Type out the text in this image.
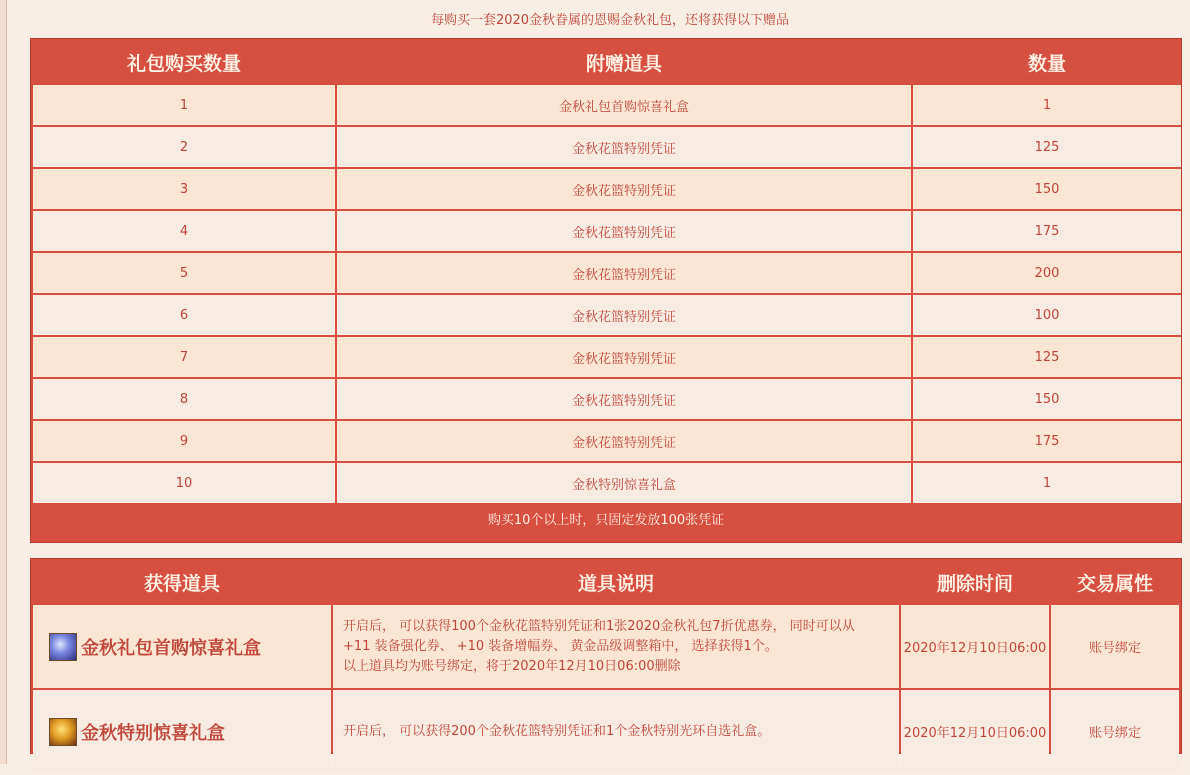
每购买一套2020金秋眷属的恩赐金秋礼包，还将获得以下赠品
礼包购买数量	附赠道具	数量
1	金秋礼包首购惊喜礼盒	1
2	金秋花篮特别凭证	125
3	金秋花篮特别凭证	150
4	金秋花篮特别凭证	175
5	金秋花篮特别凭证	200
6	金秋花篮特别凭证	100
7	金秋花篮特别凭证	125
8	金秋花篮特别凭证	150
9	金秋花篮特别凭证	175
10	金秋特别惊喜礼盒	1
购买10个以上时，只固定发放100张凭证
获得道具	道具说明	删除时间	交易属性

金秋礼包首购惊喜礼盒	开启后， 可以获得100个金秋花篮特别凭证和1张2020金秋礼包7折优惠券， 同时可以从
+11 装备强化券、 +10 装备增幅券、 黄金品级调整箱中， 选择获得1个。
以上道具均为账号绑定，将于2020年12月10日06:00删除	2020年12月10日06:00	账号绑定

金秋特别惊喜礼盒	开启后， 可以获得200个金秋花篮特别凭证和1个金秋特别光环自选礼盒。	2020年12月10日06:00	账号绑定
